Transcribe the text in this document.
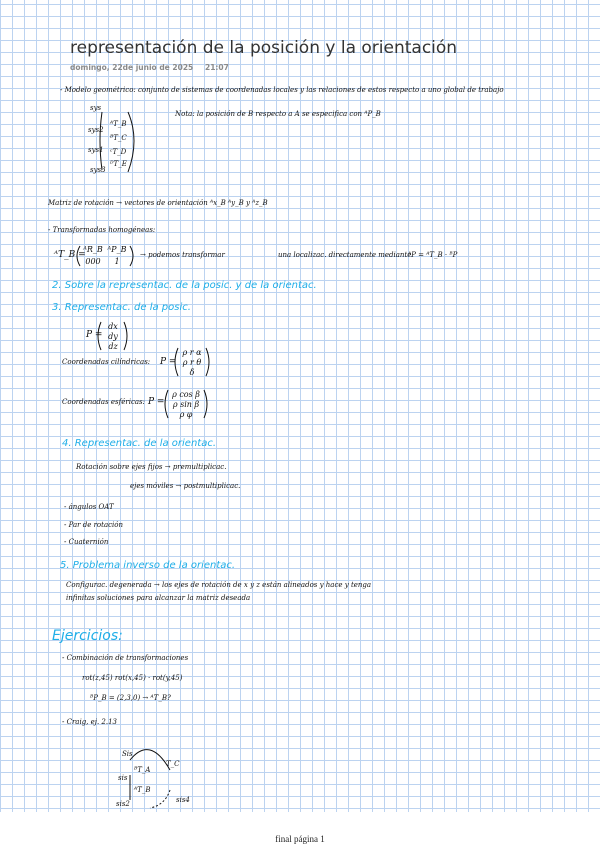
representación de la posición y la orientación
domingo, 22de junio de 2025 21:07
- Modelo geométrico: conjunto de sistemas de coordenadas locales y las relaciones de estos respecto a uno global de trabajo
Nota: la posición de B respecto a A se especifica con ᴬP_B
sys
sys2
sys1
sys3
ᴬT_B
ᴮT_C
ᶜT_D
ᴰT_E
Matriz de rotación → vectores de orientación ᴬx_B ᴬy_B y ᴬz_B
- Transformadas homogéneas:
ᴬT_B =
ᴬR_B ᴬP_B
000	1
→ podemos transformar	una localizac. directamente mediante
ᴬP = ᴬT_B · ᴮP
2. Sobre la representac. de la posic. y de la orientac.
3. Representac. de la posic.
P =
dx
dy
dz
Coordenadas cilíndricas: P =
ρ r α
ρ r θ
δ
Coordenadas esféricas: P =
ρ cos β
ρ sin β
ρ φ
4. Representac. de la orientac.
Rotación sobre ejes fijos → premultiplicac.
ejes móviles → postmultiplicac.
- ángulos OAT
- Par de rotación
- Cuaternión
5. Problema inverso de la orientac.
Configurac. degenerada → los ejes de rotación de x y z están alineados y hace y tenga
infinitas soluciones para alcanzar la matriz deseada
Ejercicios:
- Combinación de transformaciones
rot(z,45) rot(x,45) · rot(y,45)
ᴮP_B = (2,3,0) → ᴬT_B?
- Craig, ej. 2.13
Sis
ᴮT_A
T_C
sis
ᴬT_B
sis2	sis4
final página 1
